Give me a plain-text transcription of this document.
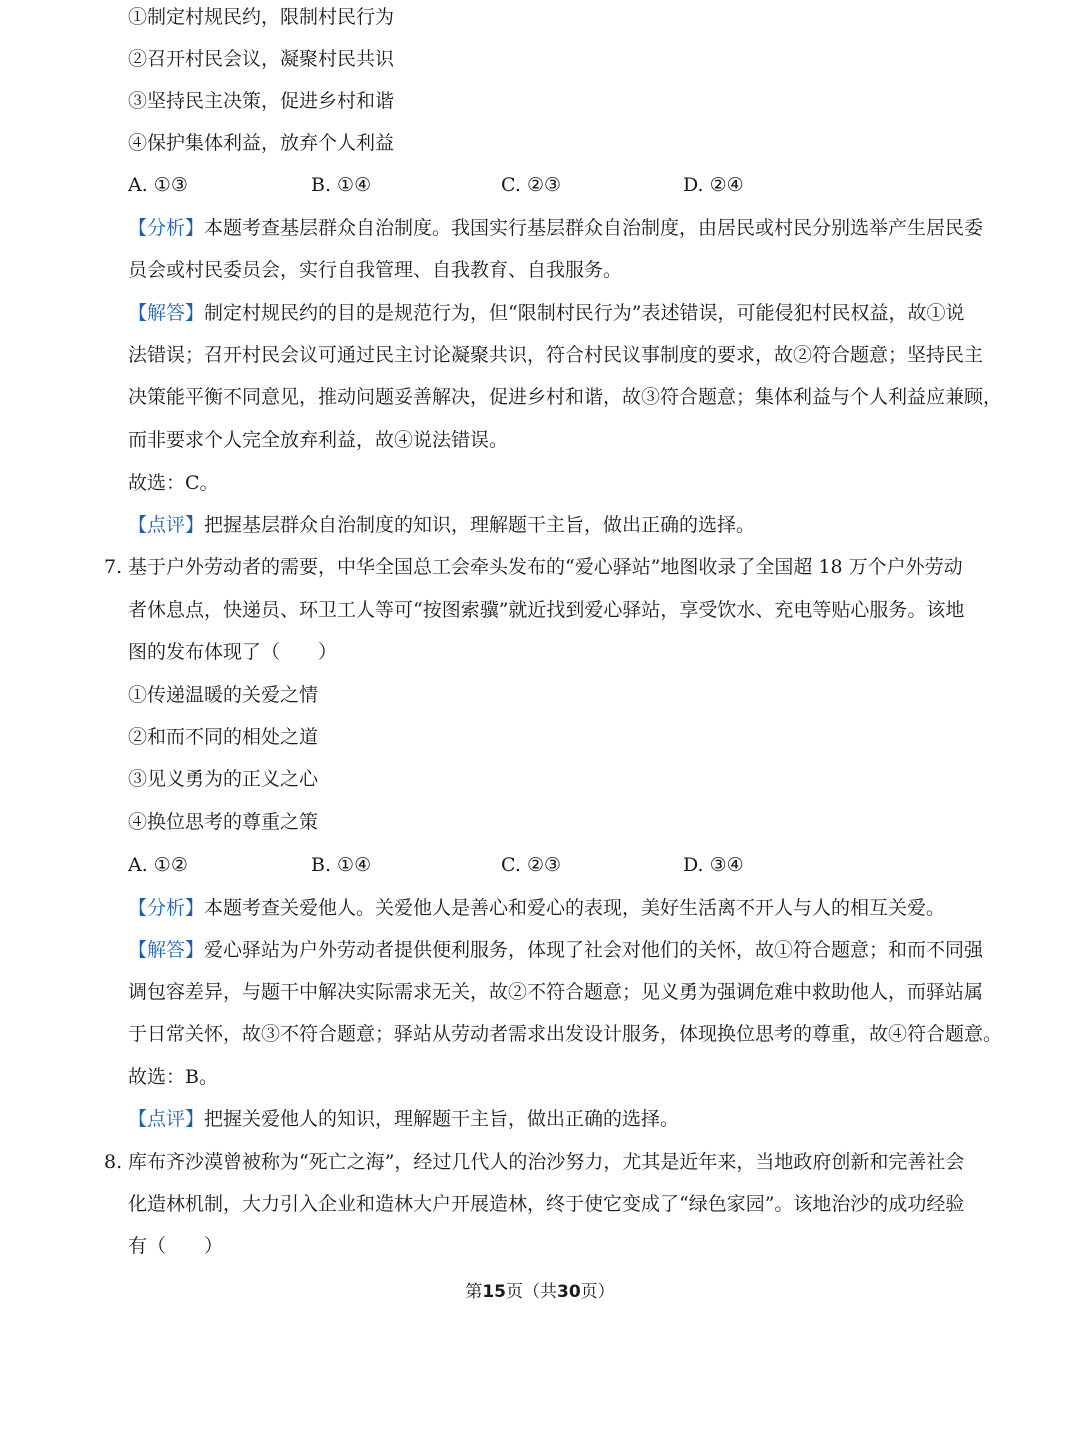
①制定村规民约，限制村民行为
②召开村民会议，凝聚村民共识
③坚持民主决策，促进乡村和谐
④保护集体利益，放弃个人利益
A. ①③	B. ①④	C. ②③	D. ②④
【分析】本题考查基层群众自治制度。我国实行基层群众自治制度，由居民或村民分别选举产生居民委
员会或村民委员会，实行自我管理、自我教育、自我服务。
【解答】制定村规民约的目的是规范行为，但“限制村民行为”表述错误，可能侵犯村民权益，故①说
法错误；召开村民会议可通过民主讨论凝聚共识，符合村民议事制度的要求，故②符合题意；坚持民主
决策能平衡不同意见，推动问题妥善解决，促进乡村和谐，故③符合题意；集体利益与个人利益应兼顾，
而非要求个人完全放弃利益，故④说法错误。
故选：C。
【点评】把握基层群众自治制度的知识，理解题干主旨，做出正确的选择。
7. 基于户外劳动者的需要，中华全国总工会牵头发布的“爱心驿站”地图收录了全国超 18 万个户外劳动
者休息点，快递员、环卫工人等可“按图索骥”就近找到爱心驿站，享受饮水、充电等贴心服务。该地
图的发布体现了（　　）
①传递温暖的关爱之情
②和而不同的相处之道
③见义勇为的正义之心
④换位思考的尊重之策
A. ①②	B. ①④	C. ②③	D. ③④
【分析】本题考查关爱他人。关爱他人是善心和爱心的表现，美好生活离不开人与人的相互关爱。
【解答】爱心驿站为户外劳动者提供便利服务，体现了社会对他们的关怀，故①符合题意；和而不同强
调包容差异，与题干中解决实际需求无关，故②不符合题意；见义勇为强调危难中救助他人，而驿站属
于日常关怀，故③不符合题意；驿站从劳动者需求出发设计服务，体现换位思考的尊重，故④符合题意。
故选：B。
【点评】把握关爱他人的知识，理解题干主旨，做出正确的选择。
8. 库布齐沙漠曾被称为“死亡之海”，经过几代人的治沙努力，尤其是近年来，当地政府创新和完善社会
化造林机制，大力引入企业和造林大户开展造林，终于使它变成了“绿色家园”。该地治沙的成功经验
有（　　）
第15页（共30页）
